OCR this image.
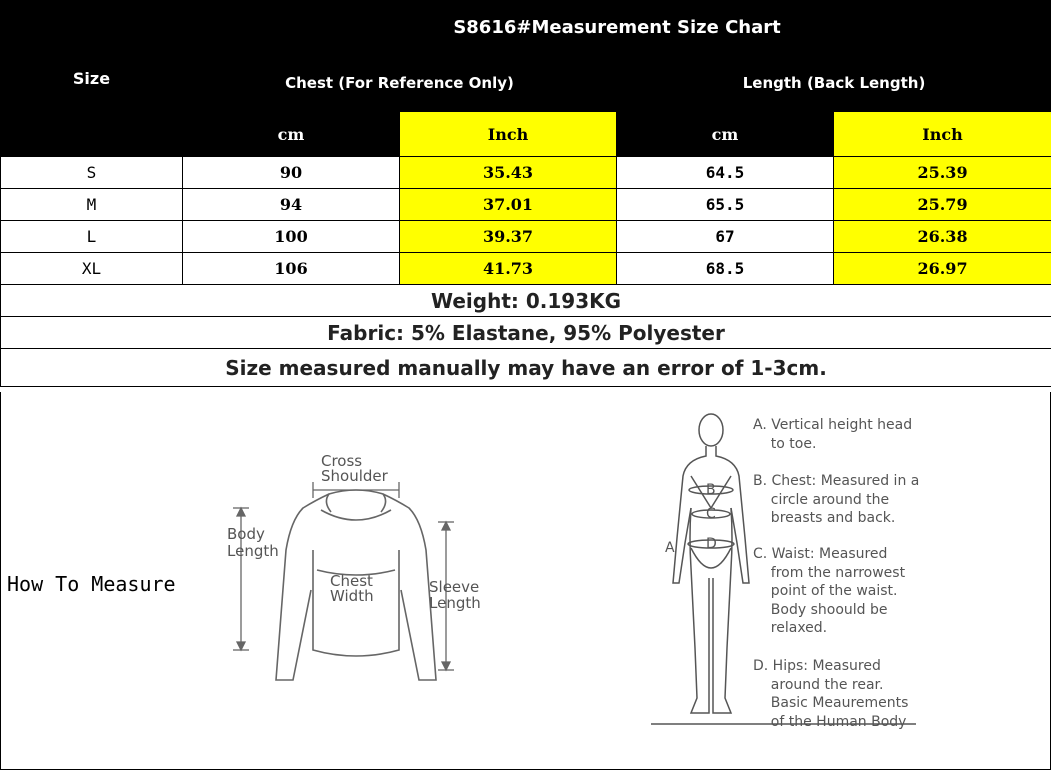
Size	S8616#Measurement Size Chart			
	Chest (For Reference Only)		Length (Back Length)	
	cm	Inch	cm	Inch
S	90	35.43	64.5	25.39
M	94	37.01	65.5	25.79
L	100	39.37	67	26.38
XL	106	41.73	68.5	26.97
Weight: 0.193KG				
Fabric: 5% Elastane, 95% Polyester				
Size measured manually may have an error of 1-3cm.				
How To Measure
Cross
Shoulder
Body
Length
Chest
Width	Sleeve
Length
A
B
C
D
A. Vertical height head
to toe.
B. Chest: Measured in a
circle around the
breasts and back.
C. Waist: Measured
from the narrowest
point of the waist.
Body shoould be
relaxed.
D. Hips: Measured
around the rear.
Basic Meaurements
of the Human Body
